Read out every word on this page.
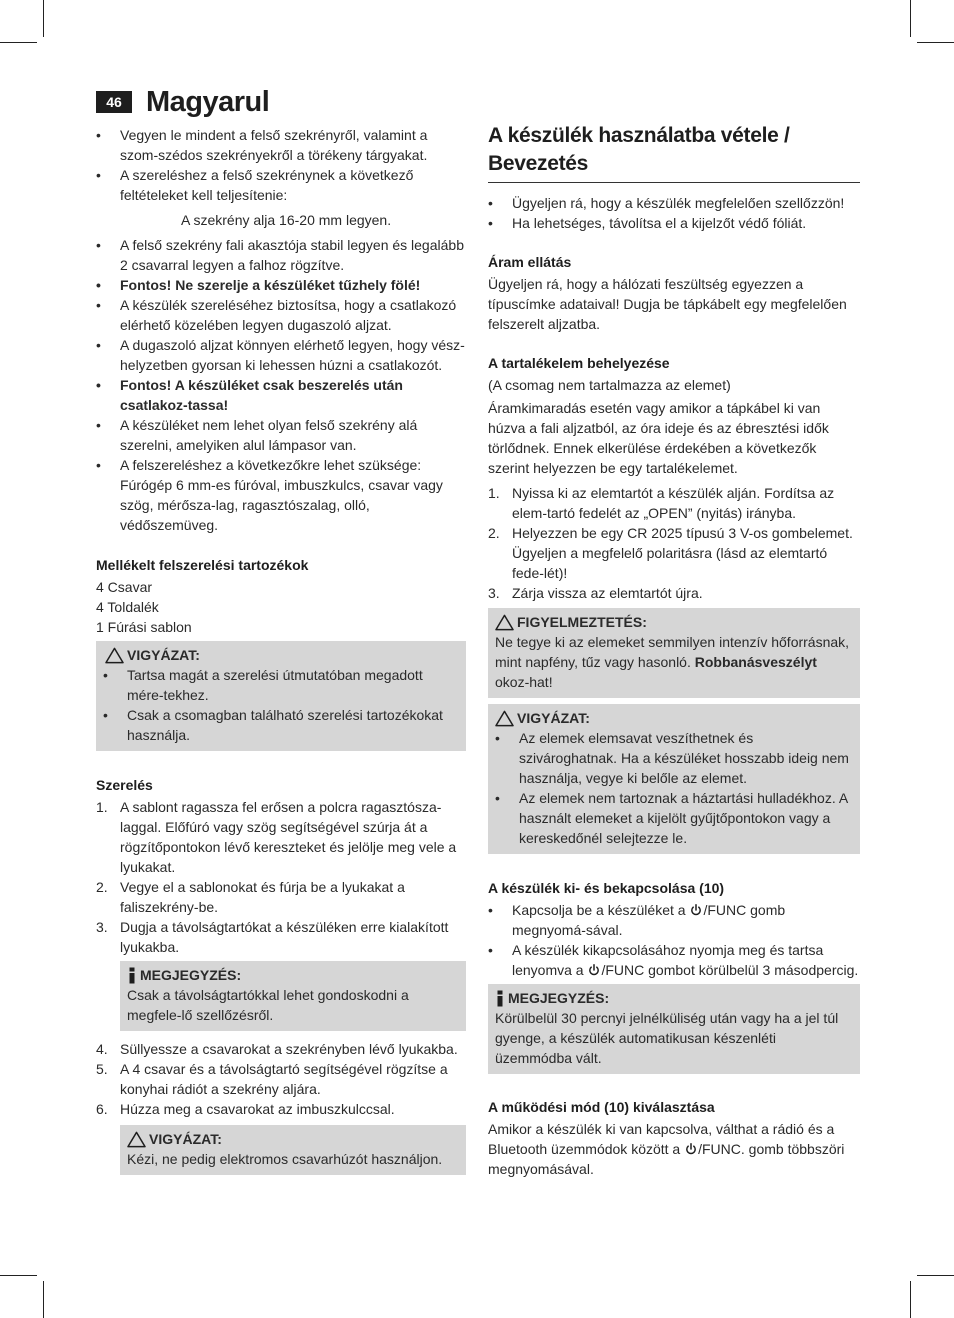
46 Magyarul
• Vegyen le mindent a felső szekrényről, valamint a szom-szédos szekrényekről a törékeny tárgyakat.
• A szereléshez a felső szekrénynek a következő feltételeket kell teljesítenie:
A szekrény alja 16-20 mm legyen.
• A felső szekrény fali akasztója stabil legyen és legalább 2 csavarral legyen a falhoz rögzítve.
• Fontos! Ne szerelje a készüléket tűzhely fölé!
• A készülék szereléséhez biztosítsa, hogy a csatlakozó elérhető közelében legyen dugaszoló aljzat.
• A dugaszoló aljzat könnyen elérhető legyen, hogy vész-helyzetben gyorsan ki lehessen húzni a csatlakozót.
• Fontos! A készüléket csak beszerelés után csatlakoz-tassa!
• A készüléket nem lehet olyan felső szekrény alá szerelni, amelyiken alul lámpasor van.
• A felszereléshez a következőkre lehet szüksége: Fúrógép 6 mm-es fúróval, imbuszkulcs, csavar vagy szög, mérősza-lag, ragasztószalag, olló, védőszemüveg.
Mellékelt felszerelési tartozékok
4 Csavar
4 Toldalék
1 Fúrási sablon
VIGYÁZAT:
• Tartsa magát a szerelési útmutatóban megadott mére-tekhez.
• Csak a csomagban található szerelési tartozékokat használja.
Szerelés
1. A sablont ragassza fel erősen a polcra ragasztósza-laggal. Előfúró vagy szög segítségével szúrja át a rögzítőpontokon lévő kereszteket és jelölje meg vele a lyukakat.
2. Vegye el a sablonokat és fúrja be a lyukakat a faliszekrény-be.
3. Dugja a távolságtartókat a készüléken erre kialakított lyukakba.
MEGJEGYZÉS:
Csak a távolságtartókkal lehet gondoskodni a megfele-lő szellőzésről.
4. Süllyessze a csavarokat a szekrényben lévő lyukakba.
5. A 4 csavar és a távolságtartó segítségével rögzítse a konyhai rádiót a szekrény aljára.
6. Húzza meg a csavarokat az imbuszkulccsal.
VIGYÁZAT:
Kézi, ne pedig elektromos csavarhúzót használjon.
A készülék használatba vétele / Bevezetés
• Ügyeljen rá, hogy a készülék megfelelően szellőzzön!
• Ha lehetséges, távolítsa el a kijelzőt védő fóliát.
Áram ellátás

Ügyeljen rá, hogy a hálózati feszültség egyezzen a típuscímke adataival! Dugja be tápkábelt egy megfelelően felszerelt aljzatba.

A tartalékelem behelyezése

(A csomag nem tartalmazza az elemet)

Áramkimaradás esetén vagy amikor a tápkábel ki van húzva a fali aljzatból, az óra ideje és az ébresztési idők törlődnek. Ennek elkerülése érdekében a következők szerint helyezzen be egy tartalékelemet.

1. Nyissa ki az elemtartót a készülék alján. Fordítsa az elem-tartó fedelét az „OPEN” (nyitás) irányba.
2. Helyezzen be egy CR 2025 típusú 3 V-os gombelemet. Ügyeljen a megfelelő polaritásra (lásd az elemtartó fede-lét)!
3. Zárja vissza az elemtartót újra.
FIGYELMEZTETÉS:
Ne tegye ki az elemeket semmilyen intenzív hőforrásnak, mint napfény, tűz vagy hasonló. Robbanásveszélyt okoz-hat!
VIGYÁZAT:
• Az elemek elemsavat veszíthetnek és szivároghatnak. Ha a készüléket hosszabb ideig nem használja, vegye ki belőle az elemet.
• Az elemek nem tartoznak a háztartási hulladékhoz. A használt elemeket a kijelölt gyűjtőpontokon vagy a kereskedőnél selejtezze le.
A készülék ki- és bekapcsolása (10)
• Kapcsolja be a készüléket a /FUNC gomb megnyomá-sával.
• A készülék kikapcsolásához nyomja meg és tartsa lenyomva a /FUNC gombot körülbelül 3 másodpercig.
MEGJEGYZÉS:
Körülbelül 30 percnyi jelnélküliség után vagy ha a jel túl gyenge, a készülék automatikusan készenléti üzemmódba vált.
A működési mód (10) kiválasztása

Amikor a készülék ki van kapcsolva, válthat a rádió és a Bluetooth üzemmódok között a /FUNC. gomb többszöri megnyomásával.
